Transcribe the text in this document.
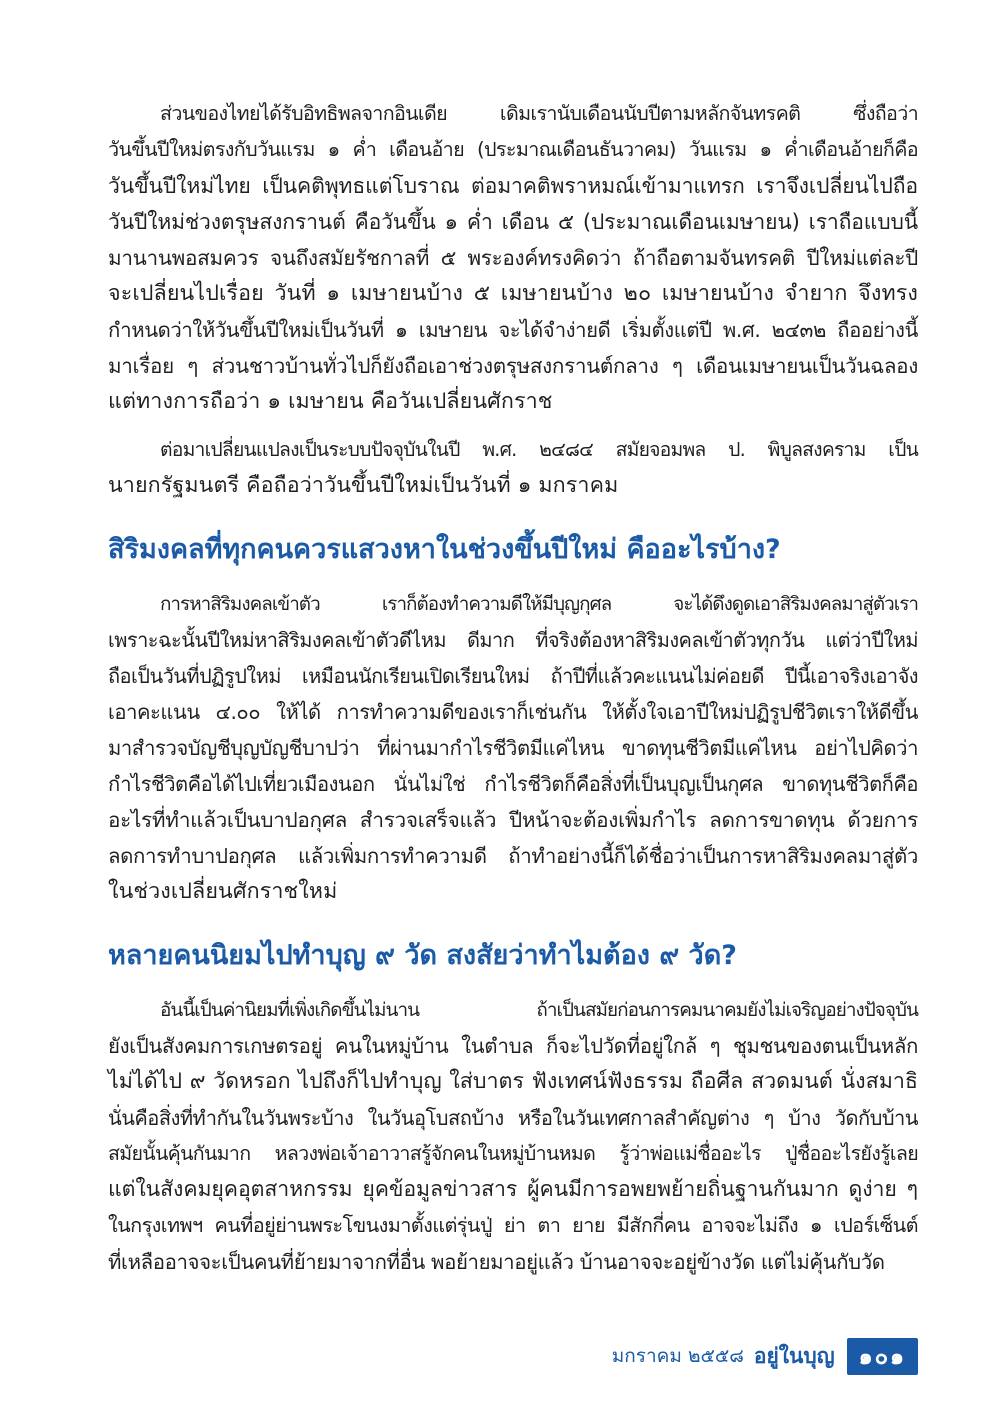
ส่วนของไทยได้รับอิทธิพลจากอินเดีย เดิมเรานับเดือนนับปีตามหลักจันทรคติ ซึ่งถือว่า
วันขึ้นปีใหม่ตรงกับวันแรม ๑ ค่ำ เดือนอ้าย (ประมาณเดือนธันวาคม) วันแรม ๑ ค่ำเดือนอ้ายก็คือ
วันขึ้นปีใหม่ไทย เป็นคติพุทธแต่โบราณ ต่อมาคติพราหมณ์เข้ามาแทรก เราจึงเปลี่ยนไปถือ
วันปีใหม่ช่วงตรุษสงกรานต์ คือวันขึ้น ๑ ค่ำ เดือน ๕ (ประมาณเดือนเมษายน) เราถือแบบนี้
มานานพอสมควร จนถึงสมัยรัชกาลที่ ๕ พระองค์ทรงคิดว่า ถ้าถือตามจันทรคติ ปีใหม่แต่ละปี
จะเปลี่ยนไปเรื่อย วันที่ ๑ เมษายนบ้าง ๕ เมษายนบ้าง ๒๐ เมษายนบ้าง จำยาก จึงทรง
กำหนดว่าให้วันขึ้นปีใหม่เป็นวันที่ ๑ เมษายน จะได้จำง่ายดี เริ่มตั้งแต่ปี พ.ศ. ๒๔๓๒ ถืออย่างนี้
มาเรื่อย ๆ ส่วนชาวบ้านทั่วไปก็ยังถือเอาช่วงตรุษสงกรานต์กลาง ๆ เดือนเมษายนเป็นวันฉลอง
แต่ทางการถือว่า ๑ เมษายน คือวันเปลี่ยนศักราช
ต่อมาเปลี่ยนแปลงเป็นระบบปัจจุบันในปี พ.ศ. ๒๔๘๔ สมัยจอมพล ป. พิบูลสงคราม เป็น
นายกรัฐมนตรี คือถือว่าวันขึ้นปีใหม่เป็นวันที่ ๑ มกราคม
สิริมงคลที่ทุกคนควรแสวงหาในช่วงขึ้นปีใหม่ คืออะไรบ้าง?
การหาสิริมงคลเข้าตัว เราก็ต้องทำความดีให้มีบุญกุศล จะได้ดึงดูดเอาสิริมงคลมาสู่ตัวเรา
เพราะฉะนั้นปีใหม่หาสิริมงคลเข้าตัวดีไหม ดีมาก ที่จริงต้องหาสิริมงคลเข้าตัวทุกวัน แต่ว่าปีใหม่
ถือเป็นวันที่ปฏิรูปใหม่ เหมือนนักเรียนเปิดเรียนใหม่ ถ้าปีที่แล้วคะแนนไม่ค่อยดี ปีนี้เอาจริงเอาจัง
เอาคะแนน ๔.๐๐ ให้ได้ การทำความดีของเราก็เช่นกัน ให้ตั้งใจเอาปีใหม่ปฏิรูปชีวิตเราให้ดีขึ้น
มาสำรวจบัญชีบุญบัญชีบาปว่า ที่ผ่านมากำไรชีวิตมีแค่ไหน ขาดทุนชีวิตมีแค่ไหน อย่าไปคิดว่า
กำไรชีวิตคือได้ไปเที่ยวเมืองนอก นั่นไม่ใช่ กำไรชีวิตก็คือสิ่งที่เป็นบุญเป็นกุศล ขาดทุนชีวิตก็คือ
อะไรที่ทำแล้วเป็นบาปอกุศล สำรวจเสร็จแล้ว ปีหน้าจะต้องเพิ่มกำไร ลดการขาดทุน ด้วยการ
ลดการทำบาปอกุศล แล้วเพิ่มการทำความดี ถ้าทำอย่างนี้ก็ได้ชื่อว่าเป็นการหาสิริมงคลมาสู่ตัว
ในช่วงเปลี่ยนศักราชใหม่
หลายคนนิยมไปทำบุญ ๙ วัด สงสัยว่าทำไมต้อง ๙ วัด?
อันนี้เป็นค่านิยมที่เพิ่งเกิดขึ้นไม่นาน ถ้าเป็นสมัยก่อนการคมนาคมยังไม่เจริญอย่างปัจจุบัน
ยังเป็นสังคมการเกษตรอยู่ คนในหมู่บ้าน ในตำบล ก็จะไปวัดที่อยู่ใกล้ ๆ ชุมชนของตนเป็นหลัก
ไม่ได้ไป ๙ วัดหรอก ไปถึงก็ไปทำบุญ ใส่บาตร ฟังเทศน์ฟังธรรม ถือศีล สวดมนต์ นั่งสมาธิ
นั่นคือสิ่งที่ทำกันในวันพระบ้าง ในวันอุโบสถบ้าง หรือในวันเทศกาลสำคัญต่าง ๆ บ้าง วัดกับบ้าน
สมัยนั้นคุ้นกันมาก หลวงพ่อเจ้าอาวาสรู้จักคนในหมู่บ้านหมด รู้ว่าพ่อแม่ชื่ออะไร ปู่ชื่ออะไรยังรู้เลย
แต่ในสังคมยุคอุตสาหกรรม ยุคข้อมูลข่าวสาร ผู้คนมีการอพยพย้ายถิ่นฐานกันมาก ดูง่าย ๆ
ในกรุงเทพฯ คนที่อยู่ย่านพระโขนงมาตั้งแต่รุ่นปู่ ย่า ตา ยาย มีสักกี่คน อาจจะไม่ถึง ๑ เปอร์เซ็นต์
ที่เหลืออาจจะเป็นคนที่ย้ายมาจากที่อื่น พอย้ายมาอยู่แล้ว บ้านอาจจะอยู่ข้างวัด แต่ไม่คุ้นกับวัด
มกราคม ๒๕๕๘ อยู่ในบุญ	๑๐๑
